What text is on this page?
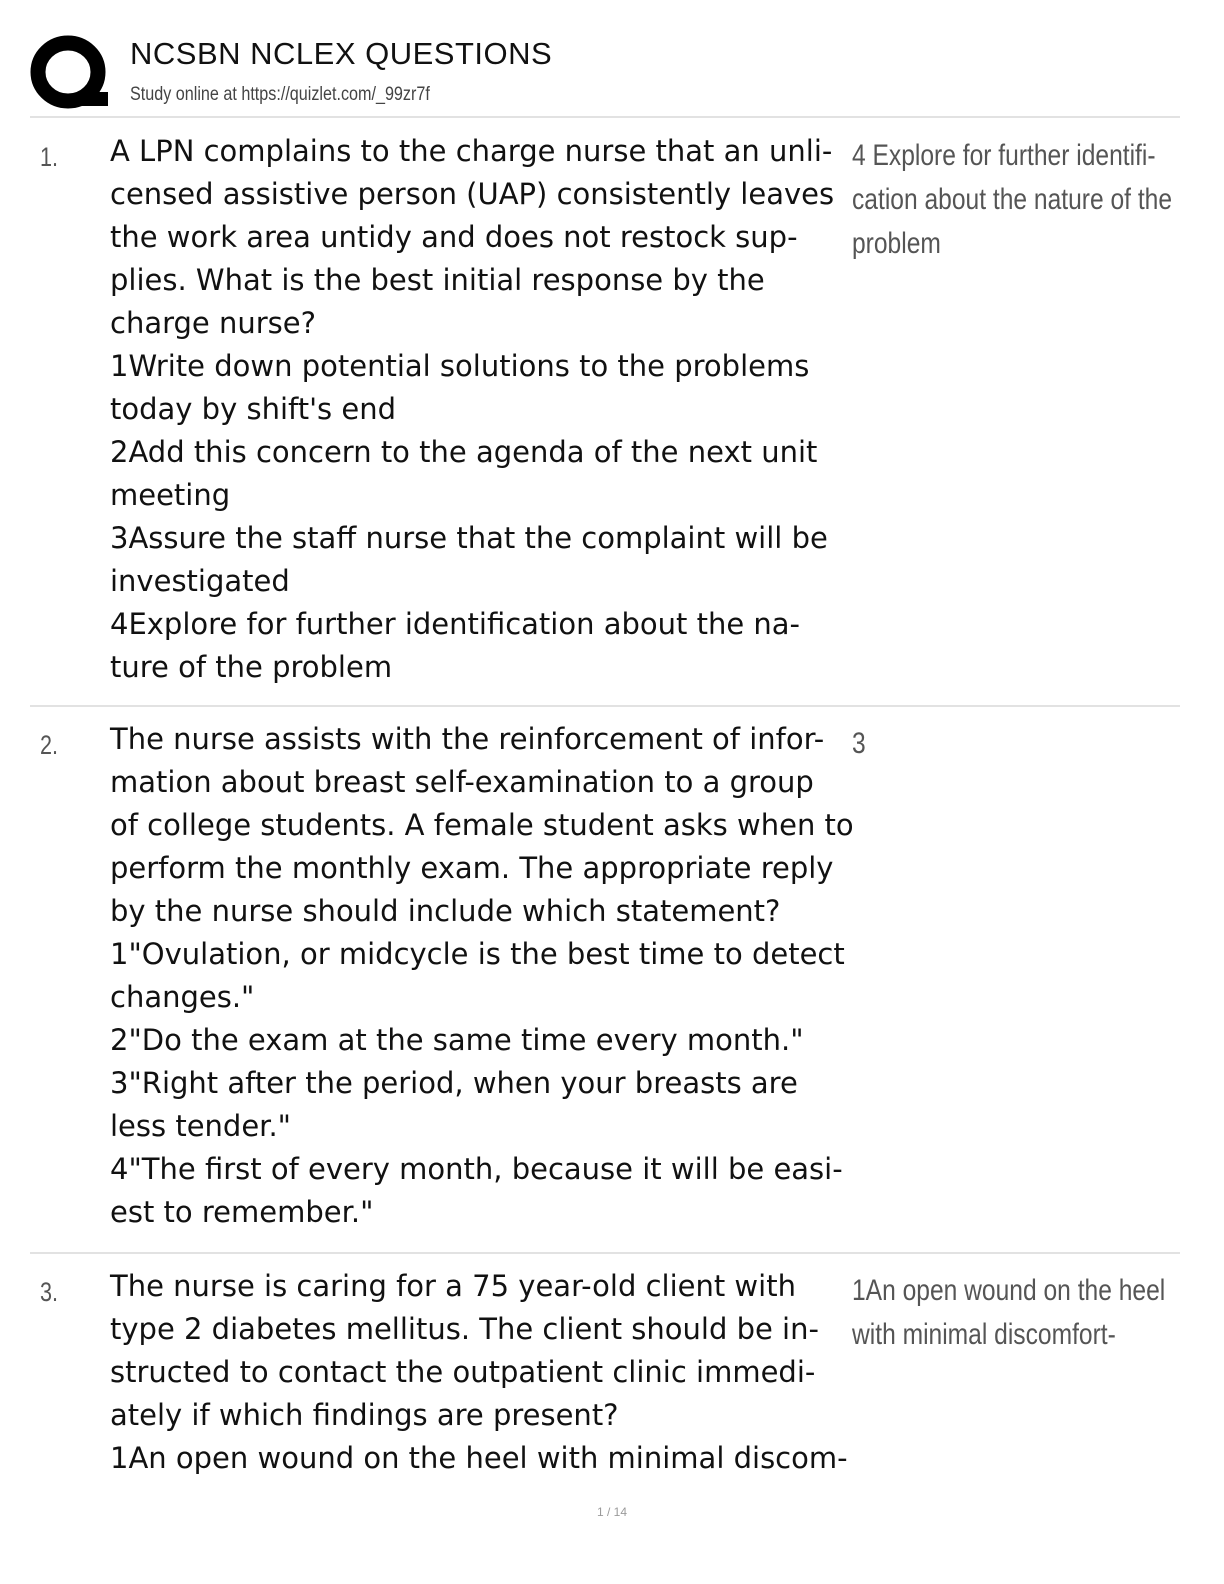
NCSBN NCLEX QUESTIONS
Study online at https://quizlet.com/_99zr7f
1. A LPN complains to the charge nurse that an unli-
censed assistive person (UAP) consistently leaves
the work area untidy and does not restock sup-
plies. What is the best initial response by the
charge nurse?
1Write down potential solutions to the problems
today by shift's end
2Add this concern to the agenda of the next unit
meeting
3Assure the staff nurse that the complaint will be
investigated
4Explore for further identification about the na-
ture of the problem
4 Explore for further identifi-
cation about the nature of the
problem
2. The nurse assists with the reinforcement of infor-
mation about breast self-examination to a group
of college students. A female student asks when to
perform the monthly exam. The appropriate reply
by the nurse should include which statement?
1"Ovulation, or midcycle is the best time to detect
changes."
2"Do the exam at the same time every month."
3"Right after the period, when your breasts are
less tender."
4"The first of every month, because it will be easi-
est to remember."
3
3. The nurse is caring for a 75 year-old client with
type 2 diabetes mellitus. The client should be in-
structed to contact the outpatient clinic immedi-
ately if which findings are present?
1An open wound on the heel with minimal discom-
1An open wound on the heel
with minimal discomfort-
1 / 14
